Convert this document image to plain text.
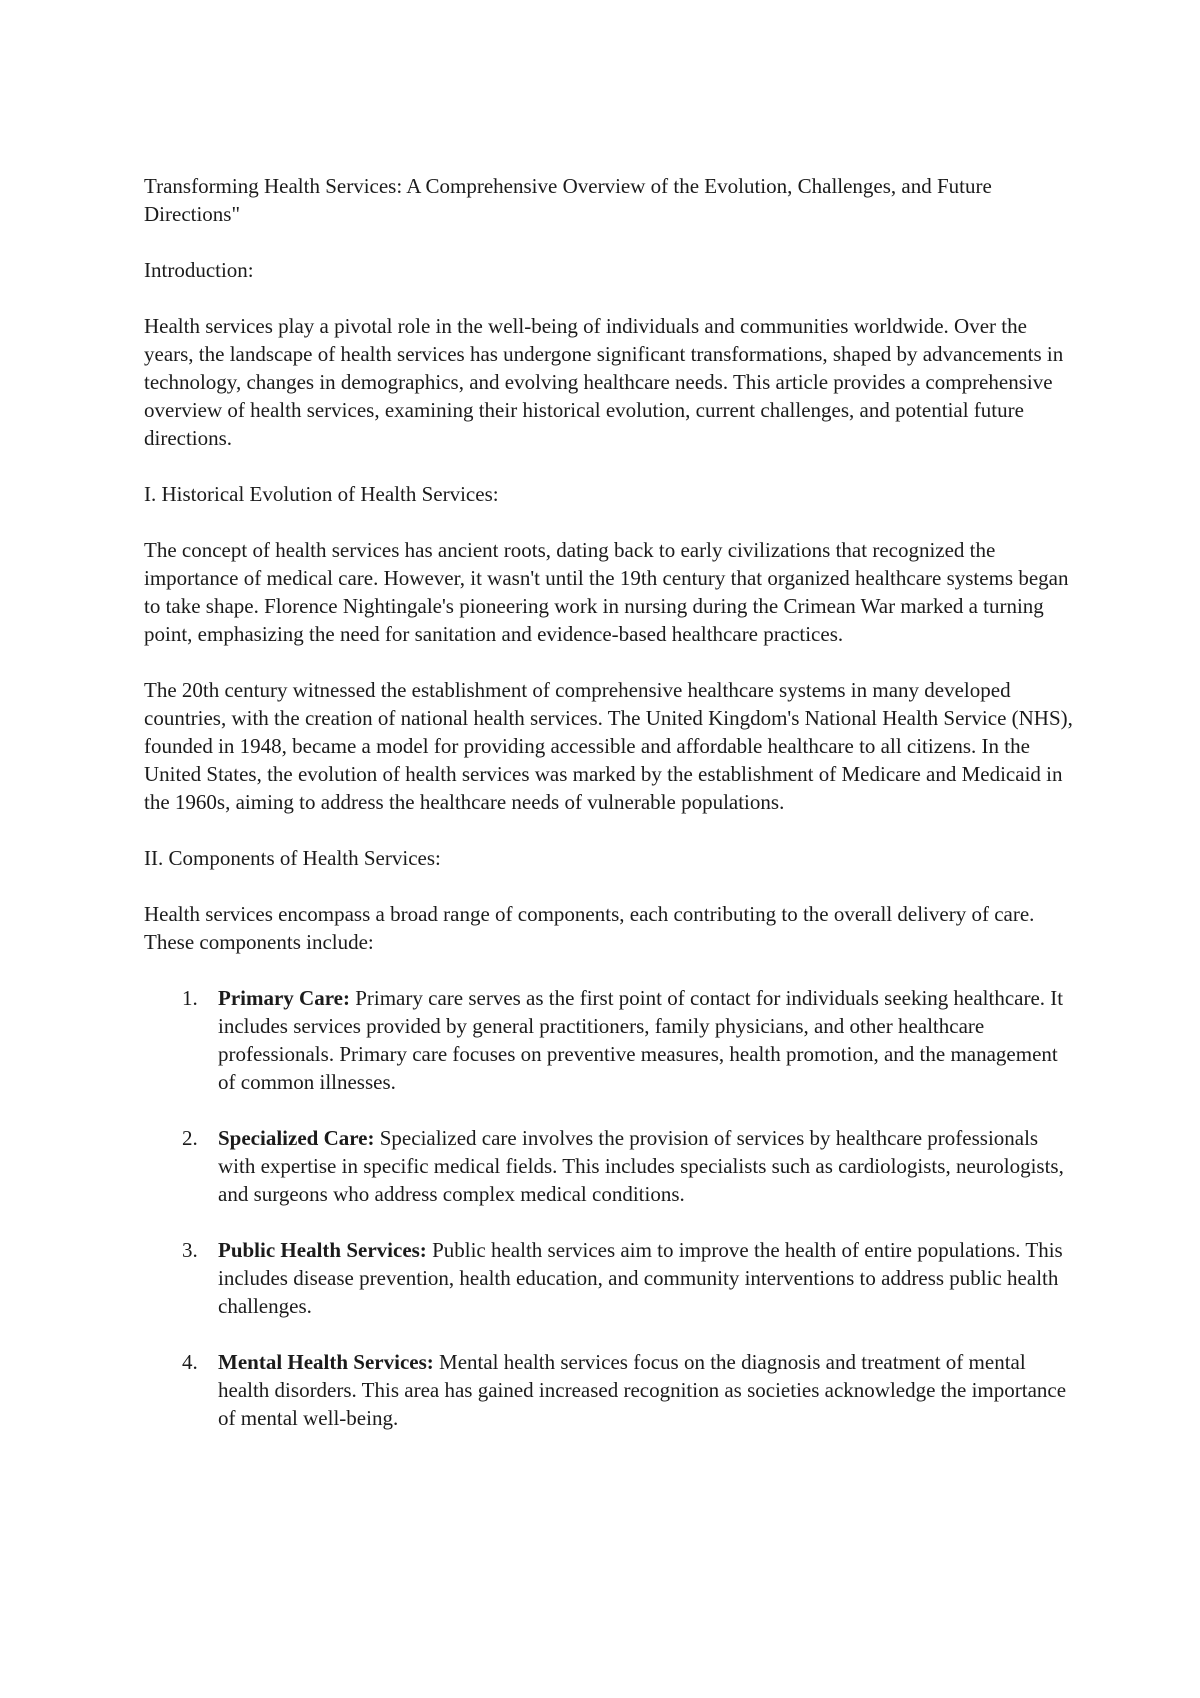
Transforming Health Services: A Comprehensive Overview of the Evolution, Challenges, and Future Directions"

Introduction:

Health services play a pivotal role in the well-being of individuals and communities worldwide. Over the years, the landscape of health services has undergone significant transformations, shaped by advancements in technology, changes in demographics, and evolving healthcare needs. This article provides a comprehensive overview of health services, examining their historical evolution, current challenges, and potential future directions.

I. Historical Evolution of Health Services:

The concept of health services has ancient roots, dating back to early civilizations that recognized the importance of medical care. However, it wasn't until the 19th century that organized healthcare systems began to take shape. Florence Nightingale's pioneering work in nursing during the Crimean War marked a turning point, emphasizing the need for sanitation and evidence-based healthcare practices.

The 20th century witnessed the establishment of comprehensive healthcare systems in many developed countries, with the creation of national health services. The United Kingdom's National Health Service (NHS), founded in 1948, became a model for providing accessible and affordable healthcare to all citizens. In the United States, the evolution of health services was marked by the establishment of Medicare and Medicaid in the 1960s, aiming to address the healthcare needs of vulnerable populations.

II. Components of Health Services:

Health services encompass a broad range of components, each contributing to the overall delivery of care. These components include:

1. Primary Care: Primary care serves as the first point of contact for individuals seeking healthcare. It includes services provided by general practitioners, family physicians, and other healthcare professionals. Primary care focuses on preventive measures, health promotion, and the management of common illnesses.
2. Specialized Care: Specialized care involves the provision of services by healthcare professionals with expertise in specific medical fields. This includes specialists such as cardiologists, neurologists, and surgeons who address complex medical conditions.
3. Public Health Services: Public health services aim to improve the health of entire populations. This includes disease prevention, health education, and community interventions to address public health challenges.
4. Mental Health Services: Mental health services focus on the diagnosis and treatment of mental health disorders. This area has gained increased recognition as societies acknowledge the importance of mental well-being.
